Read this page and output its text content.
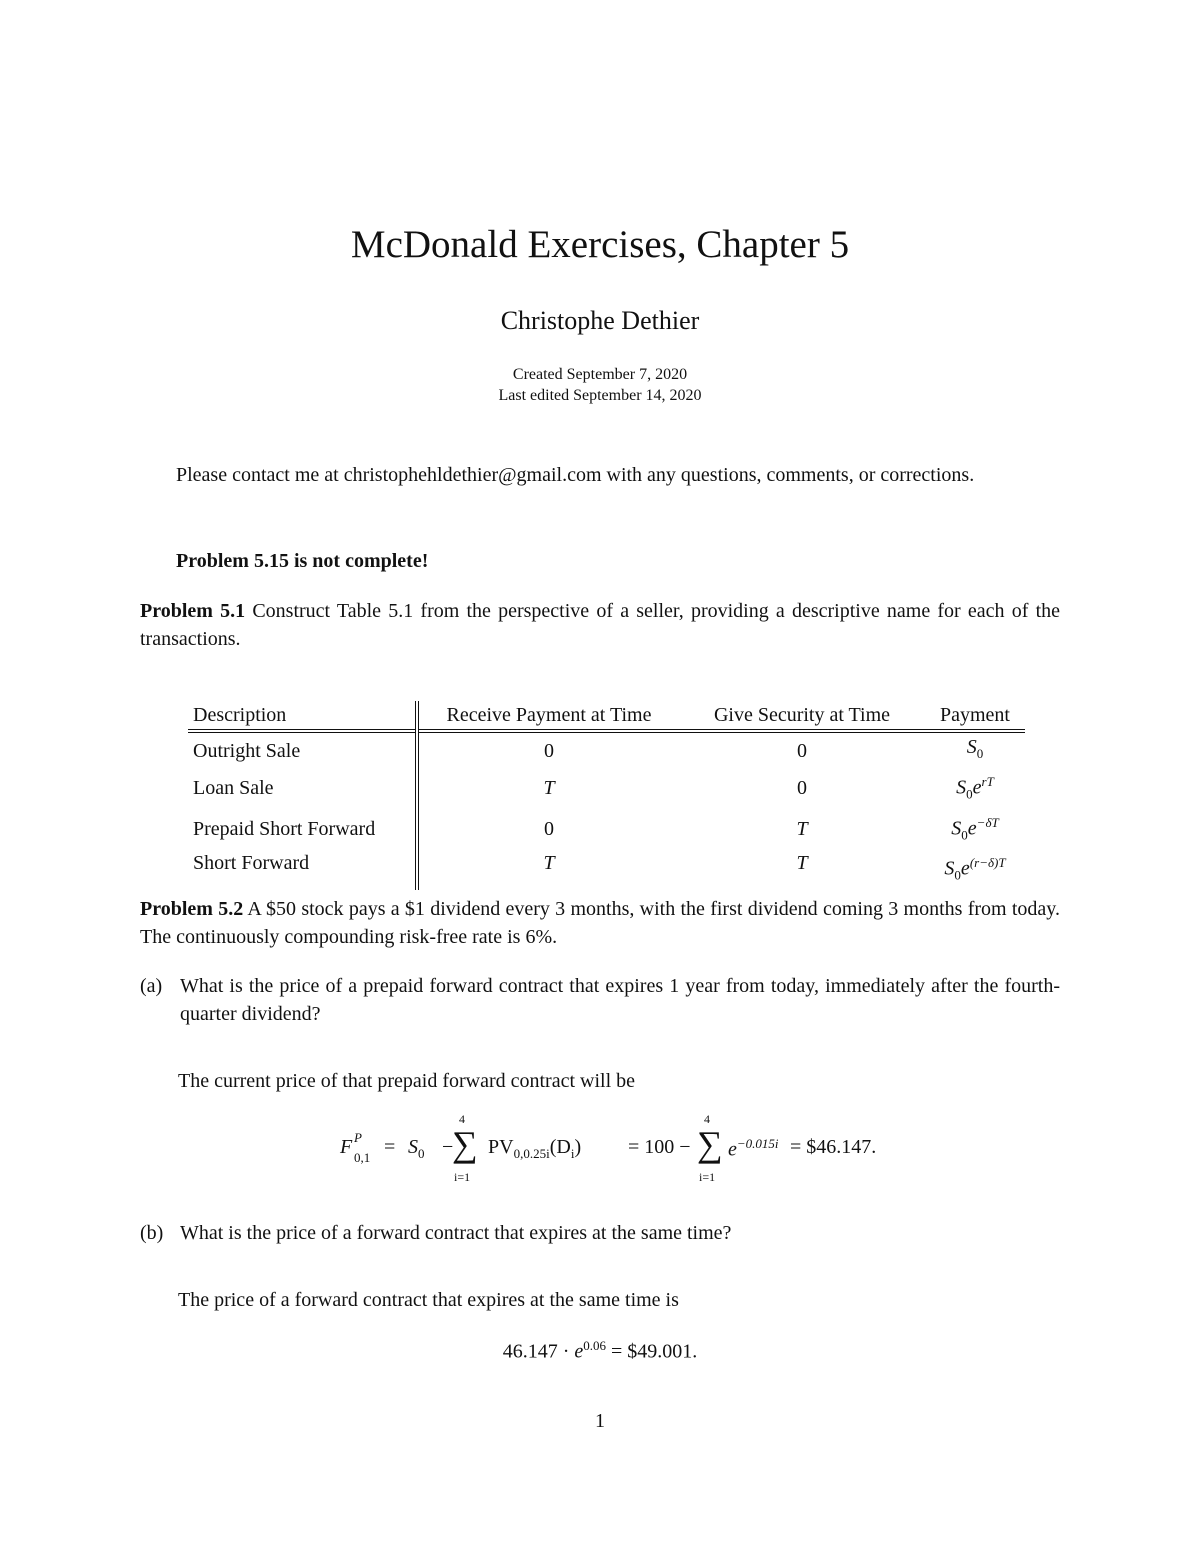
McDonald Exercises, Chapter 5
Christophe Dethier
Created September 7, 2020
Last edited September 14, 2020
Please contact me at christophehldethier@gmail.com with any questions, comments, or corrections.
Problem 5.15 is not complete!
Problem 5.1 Construct Table 5.1 from the perspective of a seller, providing a descriptive name for each of the transactions.
Description	Receive Payment at Time	Give Security at Time	Payment
Outright Sale	0	0	$S_0$
Loan Sale	T	0	$S_0e^{rT}$
Prepaid Short Forward	0	T	$S_0e^{-\delta T}$
Short Forward	T	T	$S_0e^{(r-\delta)T}$
Problem 5.2 A $50 stock pays a $1 dividend every 3 months, with the first dividend coming 3 months from today. The continuously compounding risk-free rate is 6%.
(a) What is the price of a prepaid forward contract that expires 1 year from today, immediately after the fourth-quarter dividend?
The current price of that prepaid forward contract will be
F P
$0,1 = S_0$ −
4
∑
i=1
$PV_{0,0.25i}(D_i) = 100$ −
4
∑
i=1
$e^{-0.015i}$ = $46.147.
(b) What is the price of a forward contract that expires at the same time?
The price of a forward contract that expires at the same time is
$46.147 \cdot e^{0.06}$ = $49.001.
1
